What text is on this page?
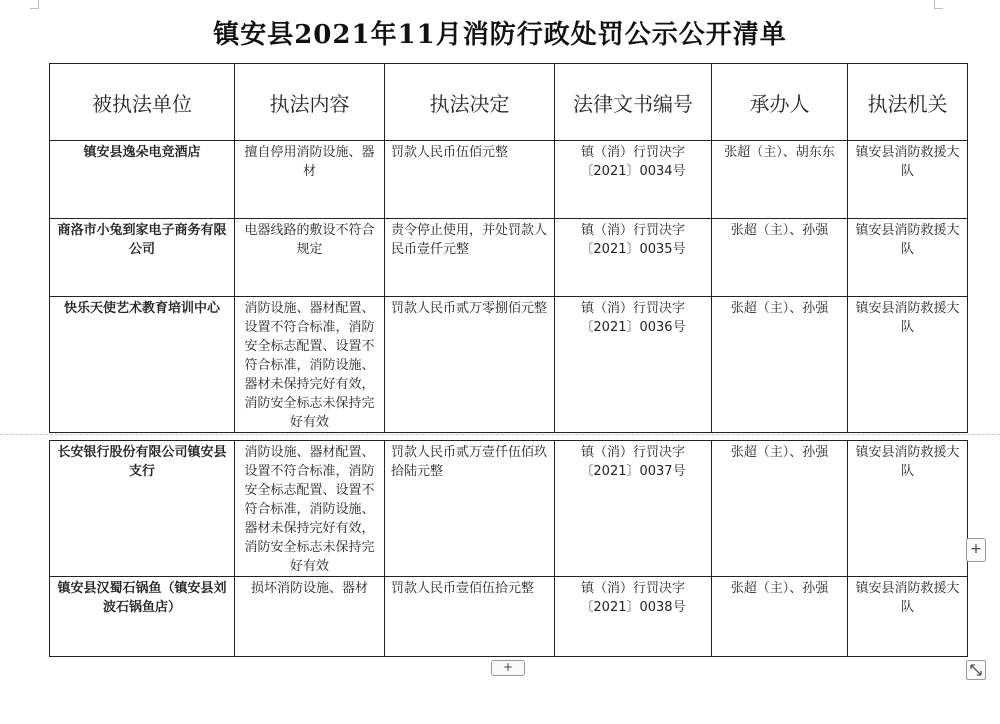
镇安县2021年11月消防行政处罚公示公开清单
被执法单位	执法内容	执法决定	法律文书编号	承办人	执法机关
镇安县逸朵电竞酒店	擅自停用消防设施、器材	罚款人民币伍佰元整	镇（消）行罚决字〔2021〕0034号	张超（主）、胡东东	镇安县消防救援大队
商洛市小兔到家电子商务有限公司	电器线路的敷设不符合规定	责令停止使用，并处罚款人民币壹仟元整	镇（消）行罚决字〔2021〕0035号	张超（主）、孙强	镇安县消防救援大队
快乐天使艺术教育培训中心	消防设施、器材配置、设置不符合标准，消防安全标志配置、设置不符合标准，消防设施、器材未保持完好有效，消防安全标志未保持完好有效	罚款人民币贰万零捌佰元整	镇（消）行罚决字〔2021〕0036号	张超（主）、孙强	镇安县消防救援大队
长安银行股份有限公司镇安县支行	消防设施、器材配置、设置不符合标准，消防安全标志配置、设置不符合标准，消防设施、器材未保持完好有效，消防安全标志未保持完好有效	罚款人民币贰万壹仟伍佰玖拾陆元整	镇（消）行罚决字〔2021〕0037号	张超（主）、孙强	镇安县消防救援大队
镇安县汉蜀石锅鱼（镇安县刘波石锅鱼店）	损坏消防设施、器材	罚款人民币壹佰伍拾元整	镇（消）行罚决字〔2021〕0038号	张超（主）、孙强	镇安县消防救援大队
+
+
